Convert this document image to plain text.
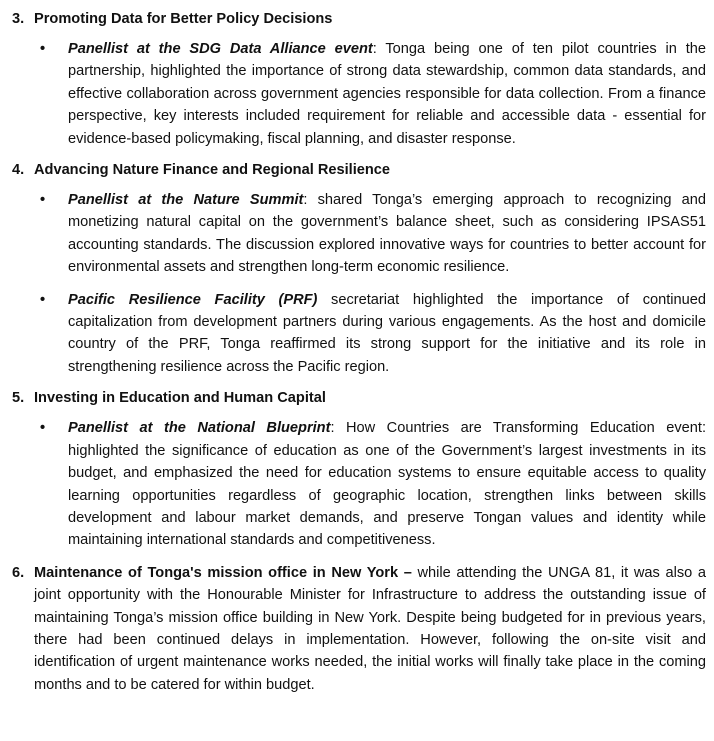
3. Promoting Data for Better Policy Decisions
• Panellist at the SDG Data Alliance event: Tonga being one of ten pilot countries in the partnership, highlighted the importance of strong data stewardship, common data standards, and effective collaboration across government agencies responsible for data collection. From a finance perspective, key interests included requirement for reliable and accessible data - essential for evidence-based policymaking, fiscal planning, and disaster response.
4. Advancing Nature Finance and Regional Resilience
• Panellist at the Nature Summit: shared Tonga’s emerging approach to recognizing and monetizing natural capital on the government’s balance sheet, such as considering IPSAS51 accounting standards. The discussion explored innovative ways for countries to better account for environmental assets and strengthen long-term economic resilience.
• Pacific Resilience Facility (PRF) secretariat highlighted the importance of continued capitalization from development partners during various engagements. As the host and domicile country of the PRF, Tonga reaffirmed its strong support for the initiative and its role in strengthening resilience across the Pacific region.
5. Investing in Education and Human Capital
• Panellist at the National Blueprint: How Countries are Transforming Education event: highlighted the significance of education as one of the Government’s largest investments in its budget, and emphasized the need for education systems to ensure equitable access to quality learning opportunities regardless of geographic location, strengthen links between skills development and labour market demands, and preserve Tongan values and identity while maintaining international standards and competitiveness.
6. Maintenance of Tonga's mission office in New York – while attending the UNGA 81, it was also a joint opportunity with the Honourable Minister for Infrastructure to address the outstanding issue of maintaining Tonga’s mission office building in New York. Despite being budgeted for in previous years, there had been continued delays in implementation. However, following the on-site visit and identification of urgent maintenance works needed, the initial works will finally take place in the coming months and to be catered for within budget.
